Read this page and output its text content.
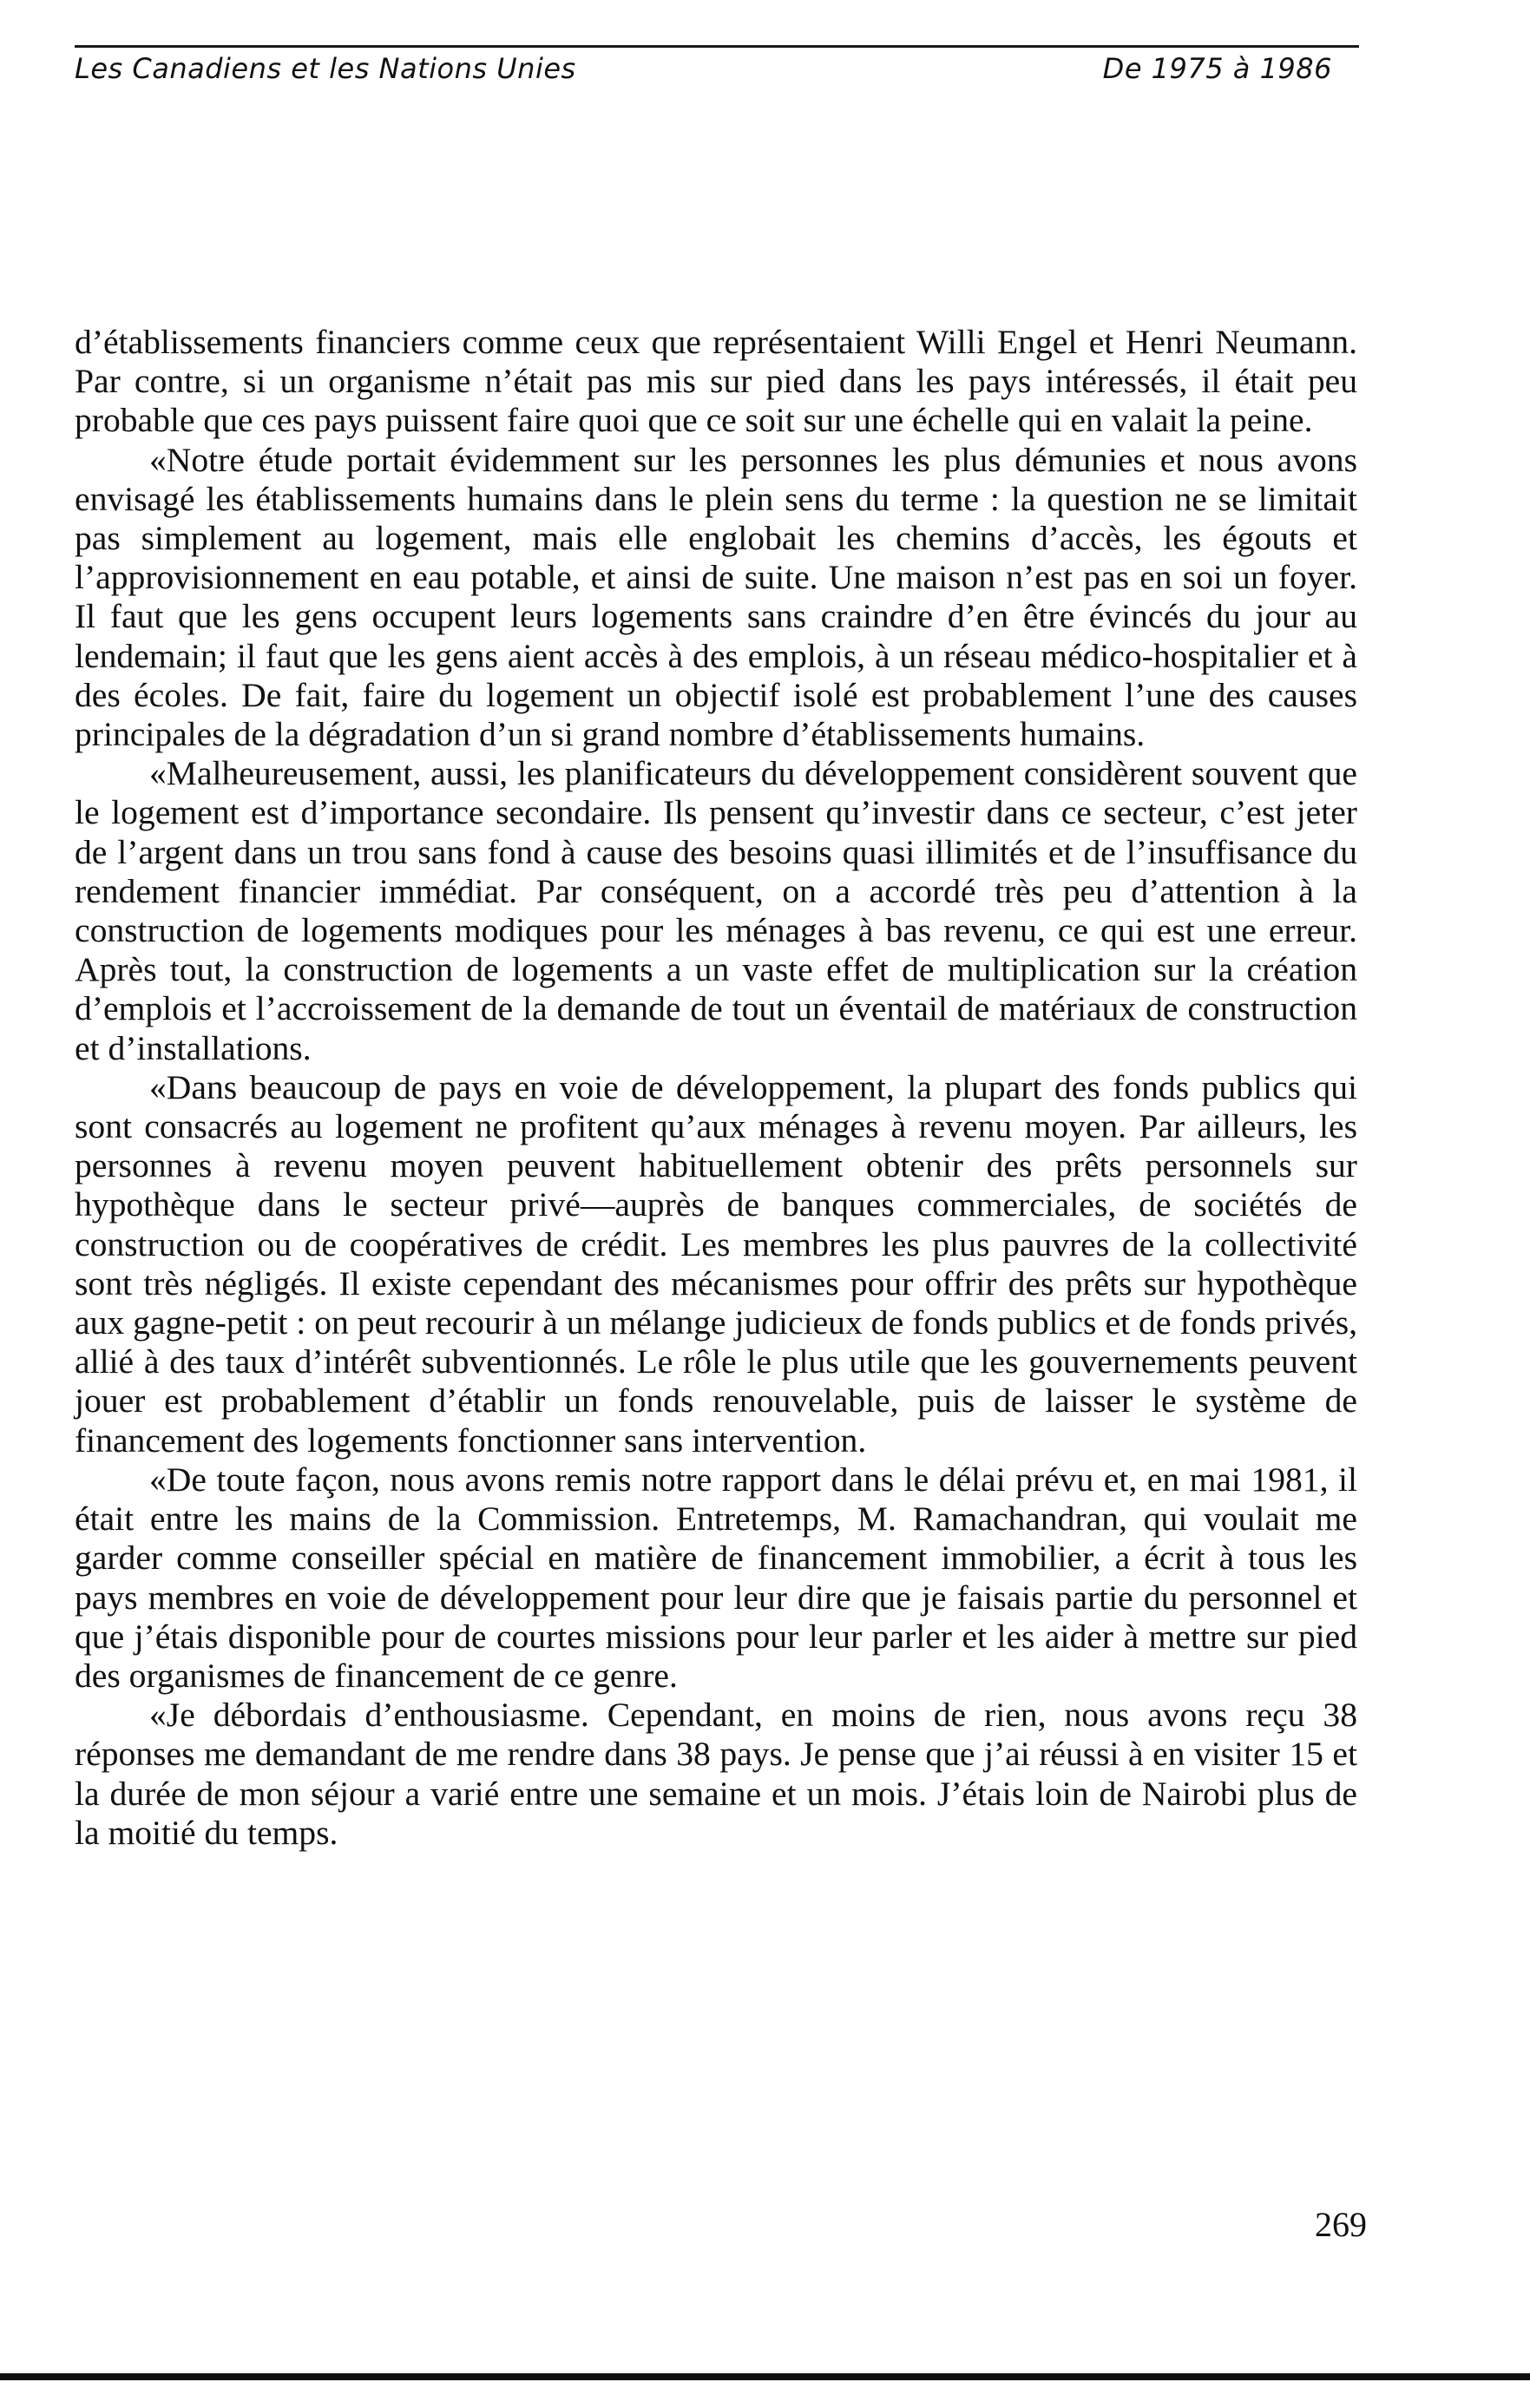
Les Canadiens et les Nations Unies	De 1975 à 1986

d’établissements financiers comme ceux que représentaient Willi Engel et Henri Neumann. Par contre, si un organisme n’était pas mis sur pied dans les pays intéressés, il était peu probable que ces pays puissent faire quoi que ce soit sur une échelle qui en valait la peine.

«Notre étude portait évidemment sur les personnes les plus démunies et nous avons envisagé les établissements humains dans le plein sens du terme : la question ne se limitait pas simplement au logement, mais elle englobait les chemins d’accès, les égouts et l’approvisionnement en eau potable, et ainsi de suite. Une maison n’est pas en soi un foyer. Il faut que les gens occupent leurs logements sans craindre d’en être évincés du jour au lendemain; il faut que les gens aient accès à des emplois, à un réseau médico-hospitalier et à des écoles. De fait, faire du logement un objectif isolé est probablement l’une des causes principales de la dégradation d’un si grand nombre d’établissements humains.

«Malheureusement, aussi, les planificateurs du développement considèrent souvent que le logement est d’importance secondaire. Ils pensent qu’investir dans ce secteur, c’est jeter de l’argent dans un trou sans fond à cause des besoins quasi illimités et de l’insuffisance du rendement financier immédiat. Par conséquent, on a accordé très peu d’attention à la construction de logements modiques pour les ménages à bas revenu, ce qui est une erreur. Après tout, la construction de logements a un vaste effet de multiplication sur la création d’emplois et l’accroissement de la demande de tout un éventail de matériaux de construction et d’installations.

«Dans beaucoup de pays en voie de développement, la plupart des fonds publics qui sont consacrés au logement ne profitent qu’aux ménages à revenu moyen. Par ailleurs, les personnes à revenu moyen peuvent habituellement obtenir des prêts personnels sur hypothèque dans le secteur privé—auprès de banques commerciales, de sociétés de construction ou de coopératives de crédit. Les membres les plus pauvres de la collectivité sont très négligés. Il existe cependant des mécanismes pour offrir des prêts sur hypothèque aux gagne-petit : on peut recourir à un mélange judicieux de fonds publics et de fonds privés, allié à des taux d’intérêt subventionnés. Le rôle le plus utile que les gouvernements peuvent jouer est probablement d’établir un fonds renouvelable, puis de laisser le système de financement des logements fonctionner sans intervention.

«De toute façon, nous avons remis notre rapport dans le délai prévu et, en mai 1981, il était entre les mains de la Commission. Entretemps, M. Ramachandran, qui voulait me garder comme conseiller spécial en matière de financement immobilier, a écrit à tous les pays membres en voie de développement pour leur dire que je faisais partie du personnel et que j’étais disponible pour de courtes missions pour leur parler et les aider à mettre sur pied des organismes de financement de ce genre.

«Je débordais d’enthousiasme. Cependant, en moins de rien, nous avons reçu 38 réponses me demandant de me rendre dans 38 pays. Je pense que j’ai réussi à en visiter 15 et la durée de mon séjour a varié entre une semaine et un mois. J’étais loin de Nairobi plus de la moitié du temps.

269
